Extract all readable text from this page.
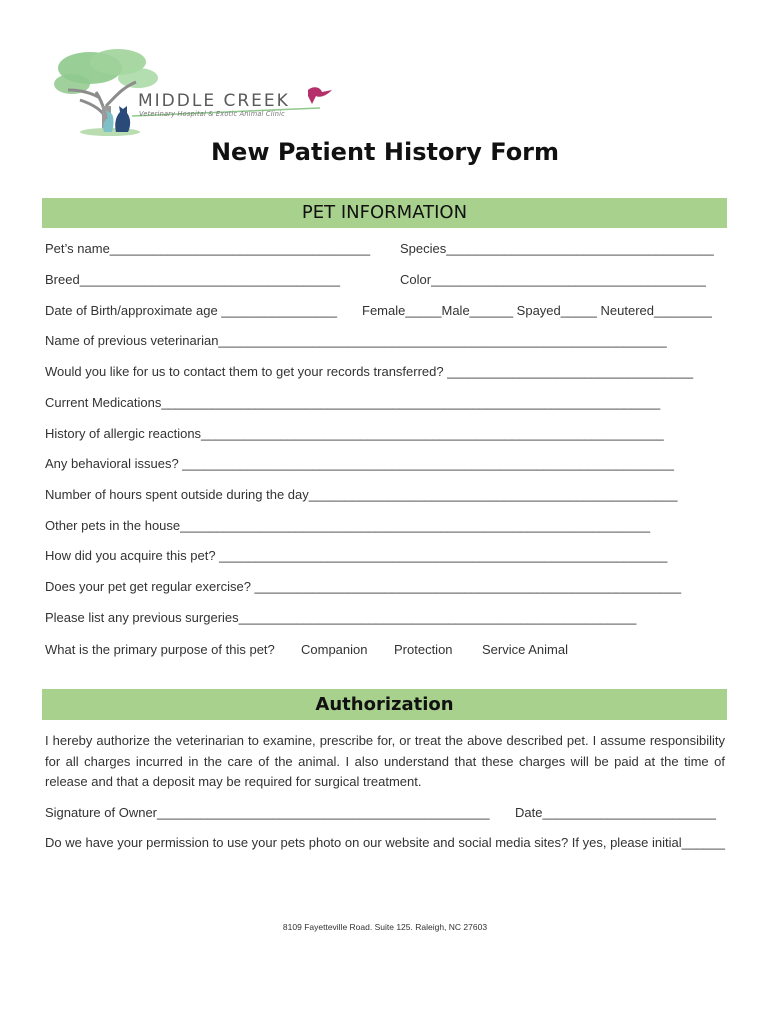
MIDDLE CREEK
Veterinary Hospital & Exotic Animal Clinic
New Patient History Form
PET INFORMATION
Pet’s name____________________________________ Species_____________________________________
Breed____________________________________	Color______________________________________
Date of Birth/approximate age ________________ Female_____Male______ Spayed_____ Neutered________
Name of previous veterinarian______________________________________________________________
Would you like for us to contact them to get your records transferred? __________________________________
Current Medications_____________________________________________________________________
History of allergic reactions________________________________________________________________
Any behavioral issues? ____________________________________________________________________
Number of hours spent outside during the day___________________________________________________
Other pets in the house_________________________________________________________________
How did you acquire this pet? ______________________________________________________________
Does your pet get regular exercise? ___________________________________________________________
Please list any previous surgeries_______________________________________________________
What is the primary purpose of this pet? Companion Protection Service Animal
Authorization
I hereby authorize the veterinarian to examine, prescribe for, or treat the above described pet. I assume responsibility for all charges incurred in the care of the animal. I also understand that these charges will be paid at the time of release and that a deposit may be required for surgical treatment.
Signature of Owner______________________________________________ Date________________________
Do we have your permission to use your pets photo on our website and social media sites? If yes, please initial______
8109 Fayetteville Road. Suite 125. Raleigh, NC 27603
